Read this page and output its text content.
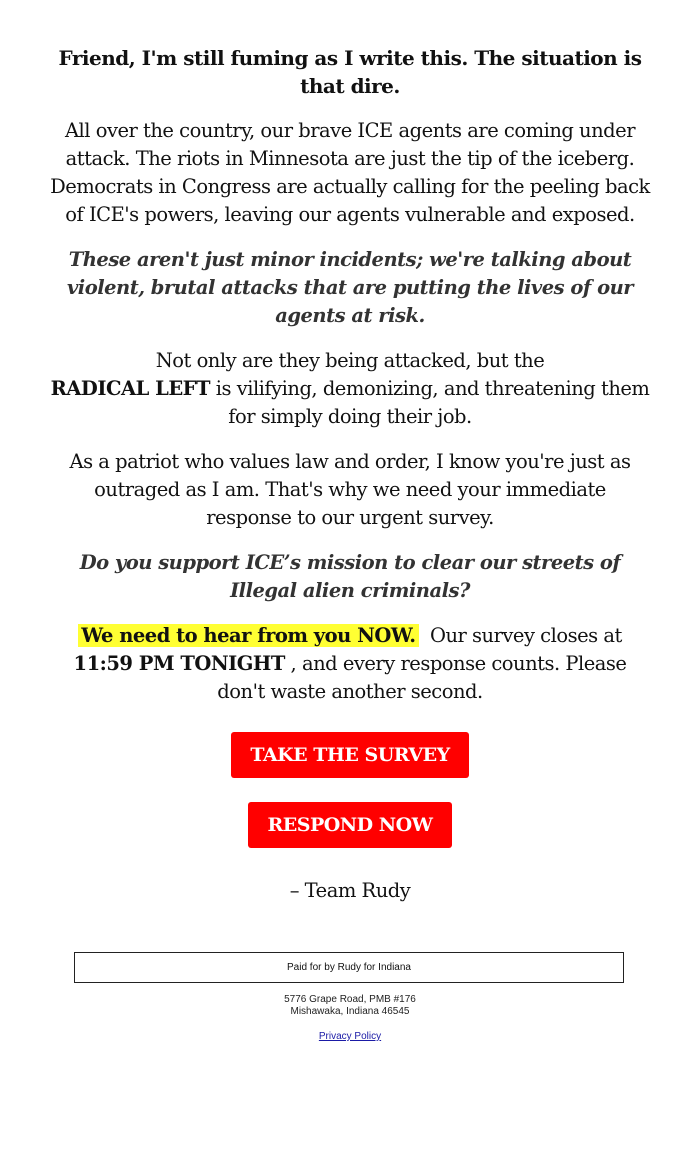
Friend, I'm still fuming as I write this. The situation is that dire.

All over the country, our brave ICE agents are coming under attack. The riots in Minnesota are just the tip of the iceberg. Democrats in Congress are actually calling for the peeling back of ICE's powers, leaving our agents vulnerable and exposed.

These aren't just minor incidents; we're talking about violent, brutal attacks that are putting the lives of our agents at risk.

Not only are they being attacked, but the
RADICAL LEFT is vilifying, demonizing, and threatening them for simply doing their job.

As a patriot who values law and order, I know you're just as outraged as I am. That's why we need your immediate response to our urgent survey.

Do you support ICE’s mission to clear our streets of Illegal alien criminals?

We need to hear from you NOW.  Our survey closes at
11:59 PM TONIGHT , and every response counts. Please don't waste another second.

TAKE THE SURVEY
RESPOND NOW
– Team Rudy
Paid for by Rudy for Indiana
5776 Grape Road, PMB #176
Mishawaka, Indiana 46545
Privacy Policy
